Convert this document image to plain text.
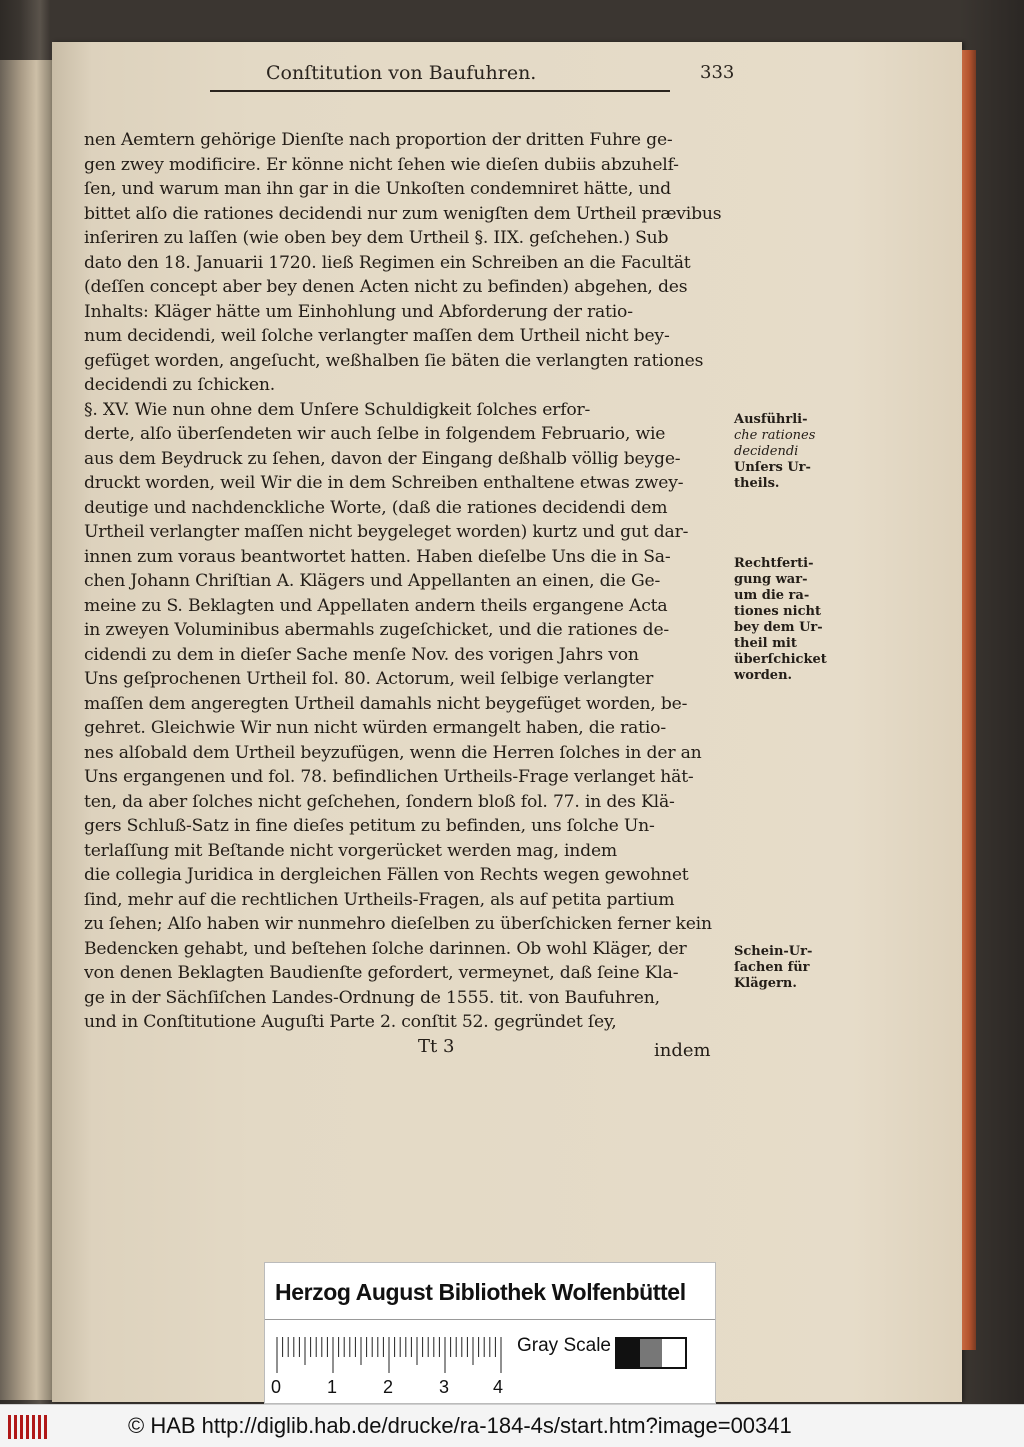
Conſtitution von Baufuhren.	333
nen Aemtern gehörige Dienſte nach proportion der dritten Fuhre ge-
gen zwey modificire. Er könne nicht ſehen wie dieſen dubiis abzuhelf-
ſen, und warum man ihn gar in die Unkoſten condemniret hätte, und
bittet alſo die rationes decidendi nur zum wenigſten dem Urtheil prævibus
inſeriren zu laſſen (wie oben bey dem Urtheil §. IIX. geſchehen.) Sub
dato den 18. Januarii 1720. ließ Regimen ein Schreiben an die Facultät
(deſſen concept aber bey denen Acten nicht zu befinden) abgehen, des
Inhalts: Kläger hätte um Einhohlung und Abforderung der ratio-
num decidendi, weil ſolche verlangter maſſen dem Urtheil nicht bey-
gefüget worden, angeſucht, weßhalben ſie bäten die verlangten rationes
decidendi zu ſchicken.
§. XV. Wie nun ohne dem Unſere Schuldigkeit ſolches erfor-
derte, alſo überſendeten wir auch ſelbe in folgendem Februario, wie
aus dem Beydruck zu ſehen, davon der Eingang deßhalb völlig beyge-
druckt worden, weil Wir die in dem Schreiben enthaltene etwas zwey-
deutige und nachdenckliche Worte, (daß die rationes decidendi dem
Urtheil verlangter maſſen nicht beygeleget worden) kurtz und gut dar-
innen zum voraus beantwortet hatten. Haben dieſelbe Uns die in Sa-
chen Johann Chriſtian A. Klägers und Appellanten an einen, die Ge-
meine zu S. Beklagten und Appellaten andern theils ergangene Acta
in zweyen Voluminibus abermahls zugeſchicket, und die rationes de-
cidendi zu dem in dieſer Sache menſe Nov. des vorigen Jahrs von
Uns geſprochenen Urtheil fol. 80. Actorum, weil ſelbige verlangter
maſſen dem angeregten Urtheil damahls nicht beygefüget worden, be-
gehret. Gleichwie Wir nun nicht würden ermangelt haben, die ratio-
nes alſobald dem Urtheil beyzufügen, wenn die Herren ſolches in der an
Uns ergangenen und fol. 78. befindlichen Urtheils-Frage verlanget hät-
ten, da aber ſolches nicht geſchehen, ſondern bloß fol. 77. in des Klä-
gers Schluß-Satz in fine dieſes petitum zu befinden, uns ſolche Un-
terlaſſung mit Beſtande nicht vorgerücket werden mag, indem
die collegia Juridica in dergleichen Fällen von Rechts wegen gewohnet
ſind, mehr auf die rechtlichen Urtheils-Fragen, als auf petita partium
zu ſehen; Alſo haben wir nunmehro dieſelben zu überſchicken ferner kein
Bedencken gehabt, und beſtehen ſolche darinnen. Ob wohl Kläger, der
von denen Beklagten Baudienſte gefordert, vermeynet, daß ſeine Kla-
ge in der Sächſiſchen Landes-Ordnung de 1555. tit. von Baufuhren,
und in Conſtitutione Auguſti Parte 2. conſtit 52. gegründet ſey,
Ausführli-
che rationes
decidendi
Unſers Ur-
theils.
Rechtferti-
gung war-
um die ra-
tiones nicht
bey dem Ur-
theil mit
überſchicket
worden.
Schein-Ur-
ſachen für
Klägern.
Tt 3	indem
Herzog August Bibliothek Wolfenbüttel
0	1	2	3 4
Gray Scale
© HAB http://diglib.hab.de/drucke/ra-184-4s/start.htm?image=00341
